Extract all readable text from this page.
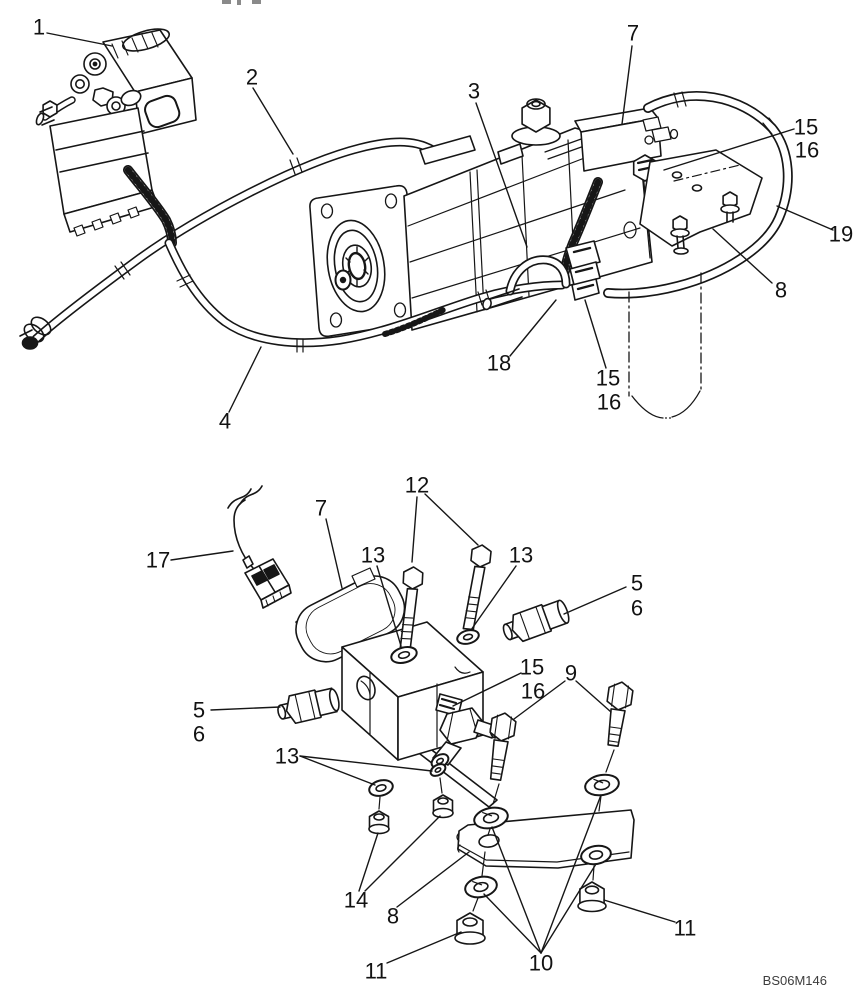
1
2
3
7
15
16
19
8
18
15
16
4
17
7
12
13	13
5
6
15
16
9
5
6
13
14
8
10
11
11
BS06M146
